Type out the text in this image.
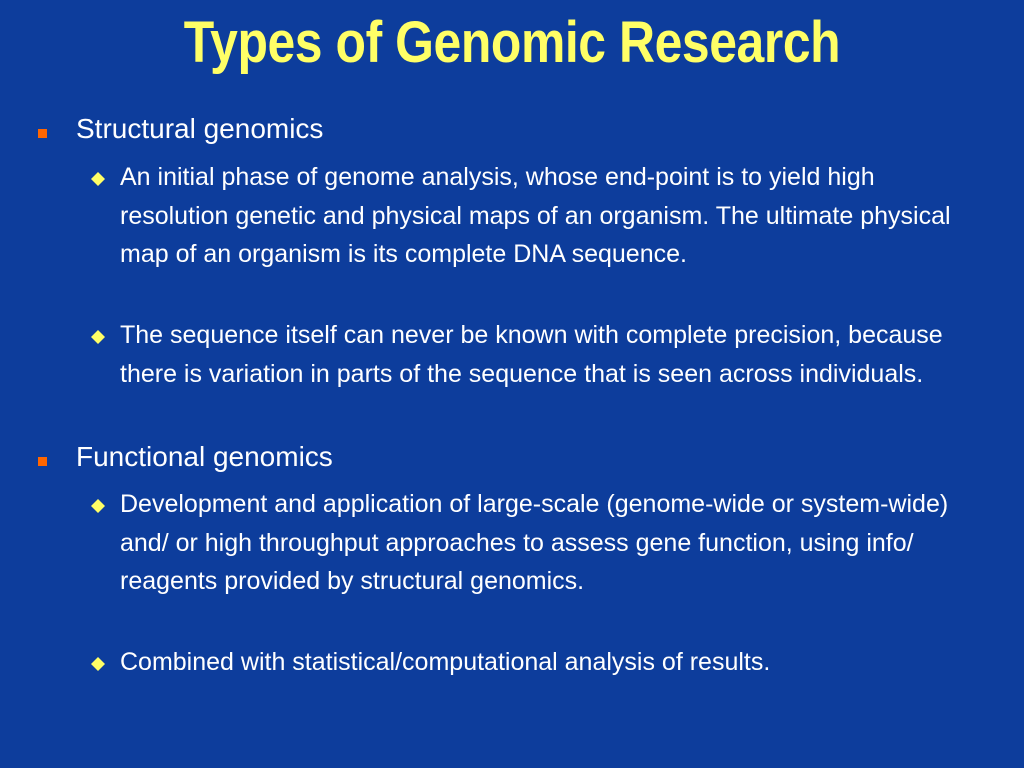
Types of Genomic Research
Structural genomics
An initial phase of genome analysis, whose end-point is to yield high resolution genetic and physical maps of an organism. The ultimate physical map of an organism is its complete DNA sequence.
The sequence itself can never be known with complete precision, because there is variation in parts of the sequence that is seen across individuals.
Functional genomics
Development and application of large-scale (genome-wide or system-wide) and/ or high throughput approaches to assess gene function, using info/ reagents provided by structural genomics.
Combined with statistical/computational analysis of results.
